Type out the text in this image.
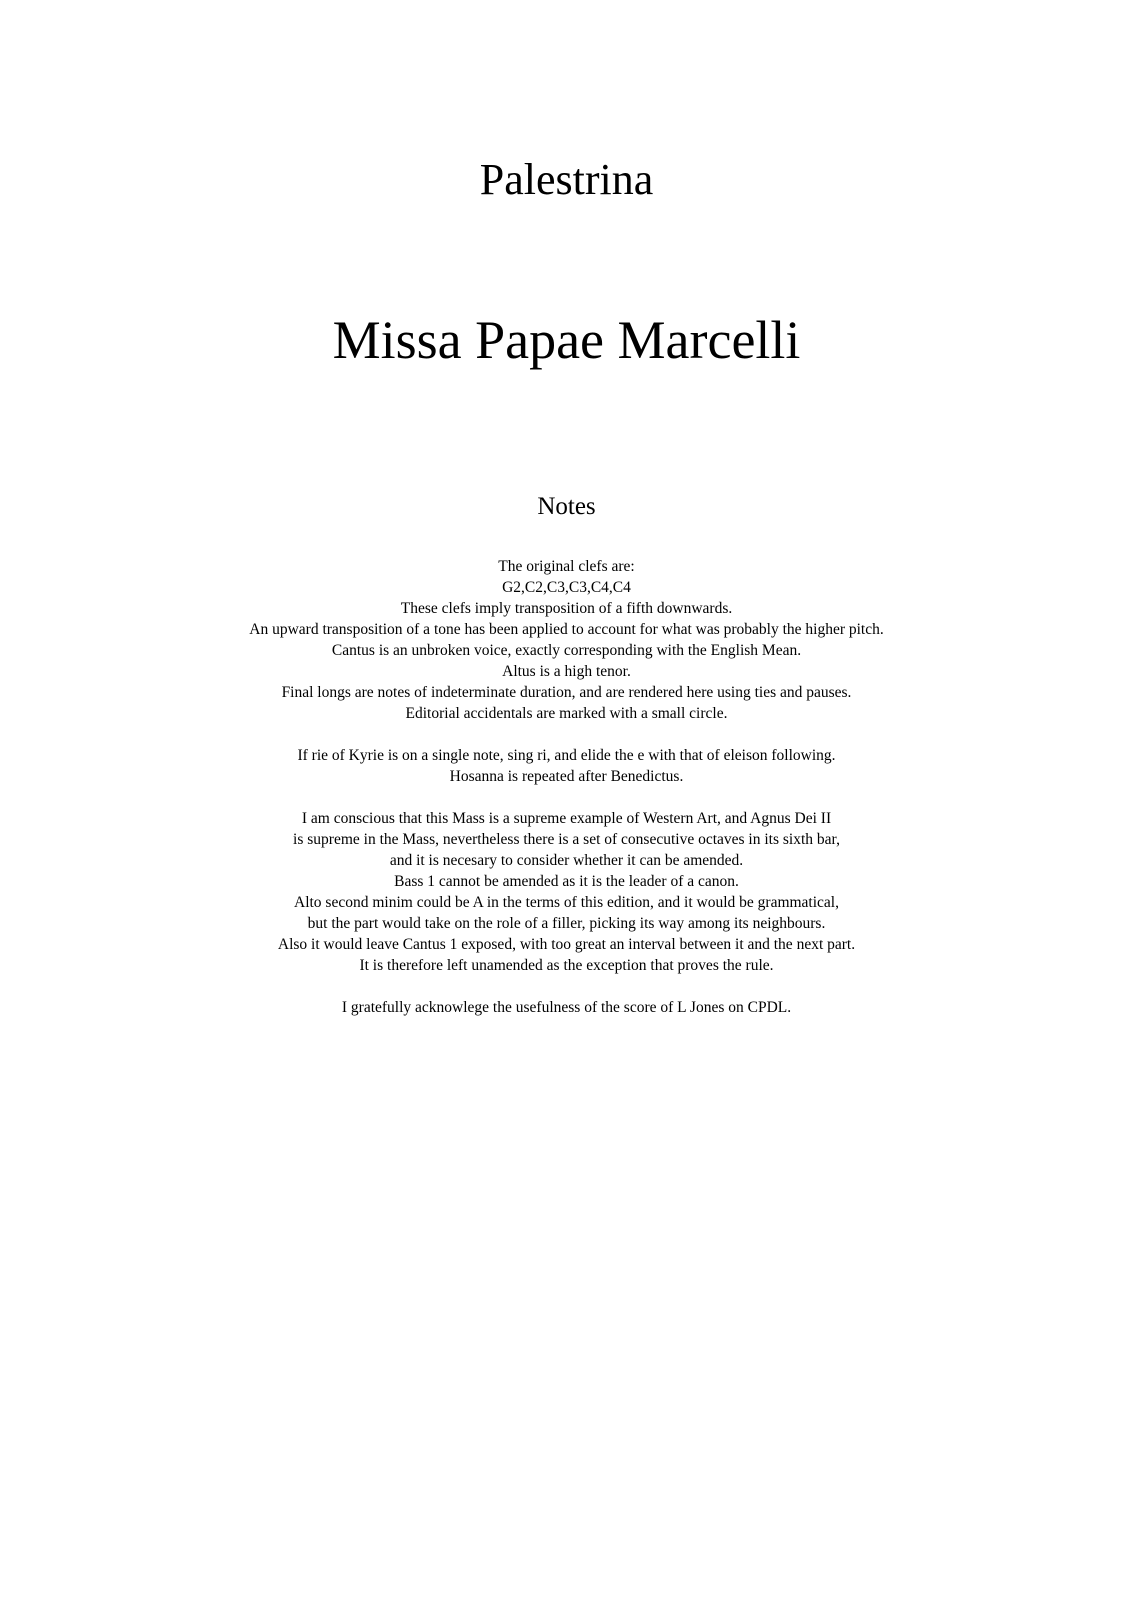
Palestrina
Missa Papae Marcelli
Notes

The original clefs are:
G2,C2,C3,C3,C4,C4
These clefs imply transposition of a fifth downwards.
An upward transposition of a tone has been applied to account for what was probably the higher pitch.
Cantus is an unbroken voice, exactly corresponding with the English Mean.
Altus is a high tenor.
Final longs are notes of indeterminate duration, and are rendered here using ties and pauses.
Editorial accidentals are marked with a small circle.

If rie of Kyrie is on a single note, sing ri, and elide the e with that of eleison following.
Hosanna is repeated after Benedictus.

I am conscious that this Mass is a supreme example of Western Art, and Agnus Dei II
is supreme in the Mass, nevertheless there is a set of consecutive octaves in its sixth bar,
and it is necesary to consider whether it can be amended.
Bass 1 cannot be amended as it is the leader of a canon.
Alto second minim could be A in the terms of this edition, and it would be grammatical,
but the part would take on the role of a filler, picking its way among its neighbours.
Also it would leave Cantus 1 exposed, with too great an interval between it and the next part.
It is therefore left unamended as the exception that proves the rule.

I gratefully acknowlege the usefulness of the score of L Jones on CPDL.
